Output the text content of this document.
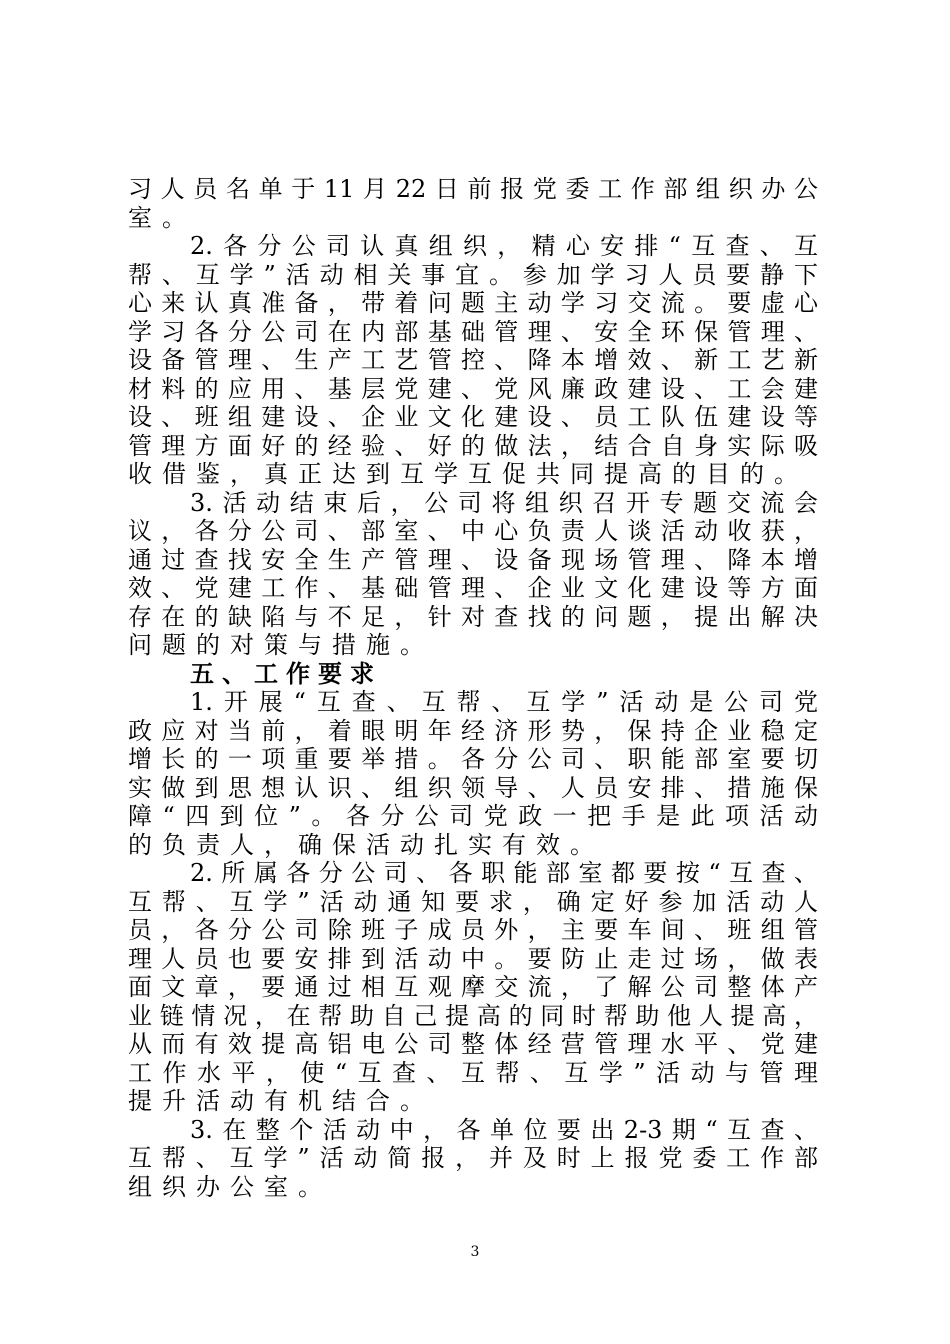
习人员名单于11月22日前报党委工作部组织办公
室。
2.各分公司认真组织，精心安排“互查、互
帮、互学”活动相关事宜。参加学习人员要静下
心来认真准备，带着问题主动学习交流。要虚心
学习各分公司在内部基础管理、安全环保管理、
设备管理、生产工艺管控、降本增效、新工艺新
材料的应用、基层党建、党风廉政建设、工会建
设、班组建设、企业文化建设、员工队伍建设等
管理方面好的经验、好的做法，结合自身实际吸
收借鉴，真正达到互学互促共同提高的目的。
3.活动结束后，公司将组织召开专题交流会
议，各分公司、部室、中心负责人谈活动收获，
通过查找安全生产管理、设备现场管理、降本增
效、党建工作、基础管理、企业文化建设等方面
存在的缺陷与不足，针对查找的问题，提出解决
问题的对策与措施。
五、工作要求
1.开展“互查、互帮、互学”活动是公司党
政应对当前，着眼明年经济形势，保持企业稳定
增长的一项重要举措。各分公司、职能部室要切
实做到思想认识、组织领导、人员安排、措施保
障“四到位”。各分公司党政一把手是此项活动
的负责人，确保活动扎实有效。
2.所属各分公司、各职能部室都要按“互查、
互帮、互学”活动通知要求，确定好参加活动人
员，各分公司除班子成员外，主要车间、班组管
理人员也要安排到活动中。要防止走过场，做表
面文章，要通过相互观摩交流，了解公司整体产
业链情况，在帮助自己提高的同时帮助他人提高，
从而有效提高铝电公司整体经营管理水平、党建
工作水平，使“互查、互帮、互学”活动与管理
提升活动有机结合。
3.在整个活动中，各单位要出2-3期“互查、
互帮、互学”活动简报，并及时上报党委工作部
组织办公室。
3
